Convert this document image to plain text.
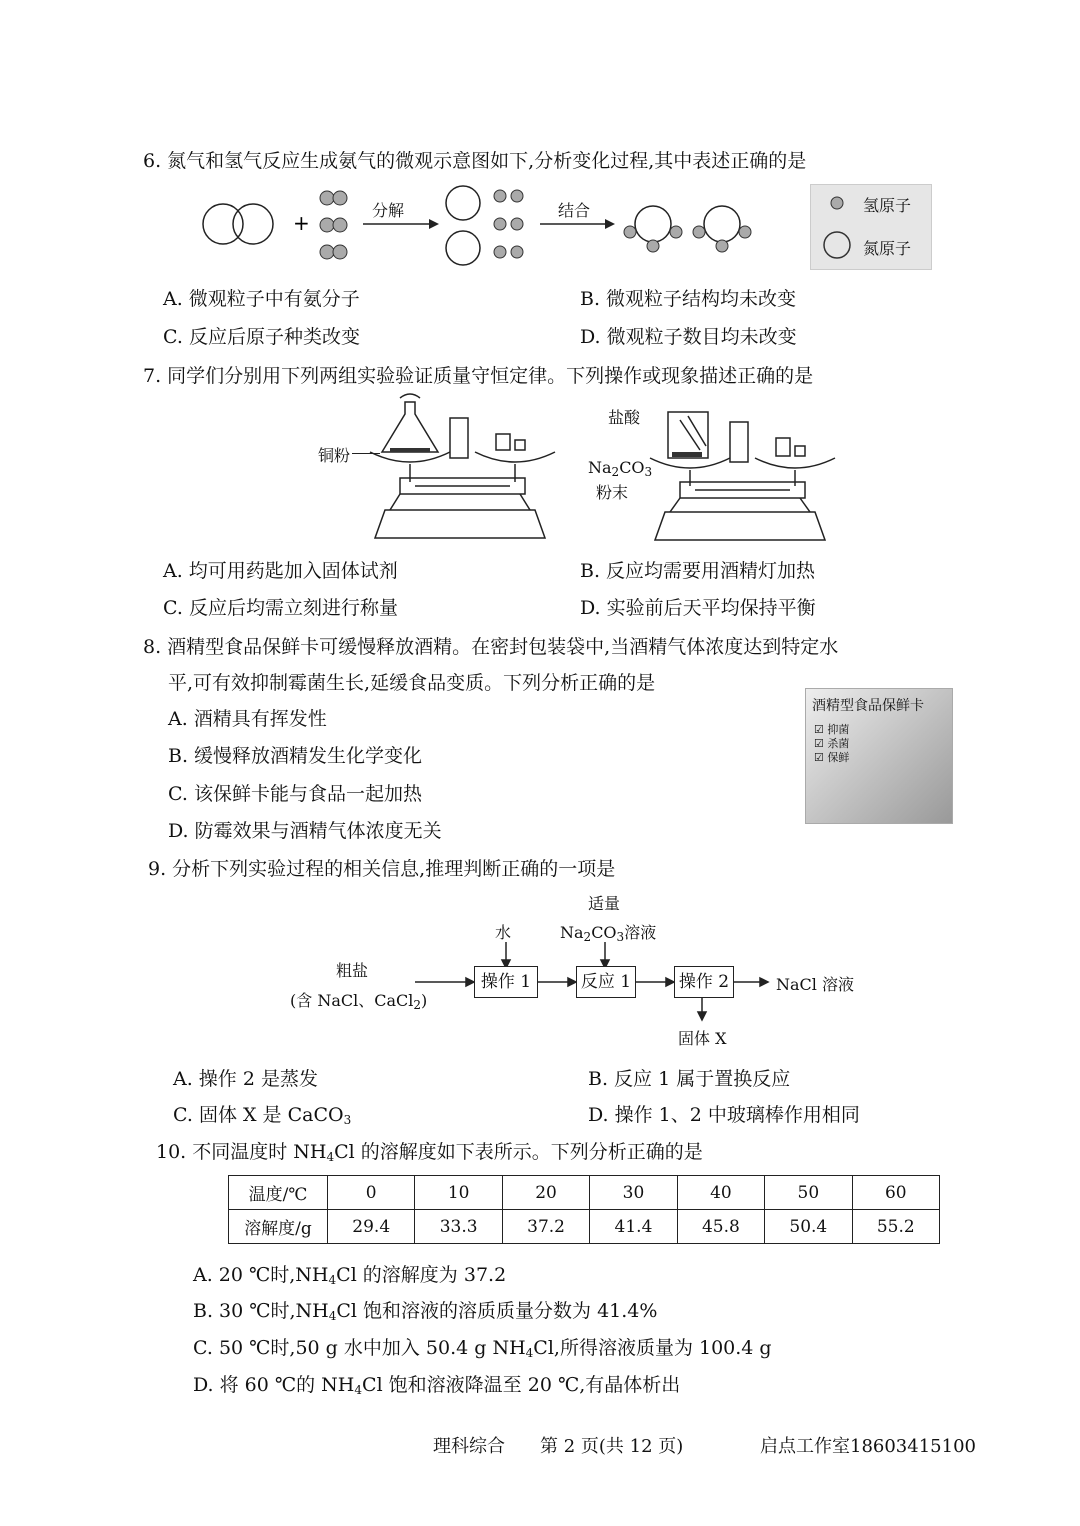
6. 氮气和氢气反应生成氨气的微观示意图如下,分析变化过程,其中表述正确的是
+
分解	结合	氢原子
氮原子
A. 微观粒子中有氨分子	B. 微观粒子结构均未改变
C. 反应后原子种类改变	D. 微观粒子数目均未改变
7. 同学们分别用下列两组实验验证质量守恒定律。下列操作或现象描述正确的是
铜粉
盐酸
$Na_2CO_3$
粉末
A. 均可用药匙加入固体试剂	B. 反应均需要用酒精灯加热
C. 反应后均需立刻进行称量	D. 实验前后天平均保持平衡
8. 酒精型食品保鲜卡可缓慢释放酒精。在密封包装袋中,当酒精气体浓度达到特定水
平,可有效抑制霉菌生长,延缓食品变质。下列分析正确的是
酒精型食品保鲜卡
☑ 抑菌
☑ 杀菌
☑ 保鲜
A. 酒精具有挥发性
B. 缓慢释放酒精发生化学变化
C. 该保鲜卡能与食品一起加热
D. 防霉效果与酒精气体浓度无关
9. 分析下列实验过程的相关信息,推理判断正确的一项是
适量
$Na_2CO_3$溶液
水
粗盐
(含 NaCl、CaCl$_2$)
操作 1	反应 1	操作 2	NaCl 溶液
固体 X
A. 操作 2 是蒸发	B. 反应 1 属于置换反应
C. 固体 X 是 CaCO$_3$	D. 操作 1、2 中玻璃棒作用相同
10. 不同温度时 $NH_4Cl$ 的溶解度如下表所示。下列分析正确的是
温度/℃	0	10	20	30	40	50	60
溶解度/g	29.4	33.3	37.2	41.4	45.8	50.4	55.2
A. 20 ℃时$,NH_4Cl$ 的溶解度为 37.2
B. 30 ℃时$,NH_4Cl$ 饱和溶液的溶质质量分数为 41.4%
C. 50 ℃时,50 g 水中加入 50.4 g $NH_4Cl$,所得溶液质量为 100.4 g
D. 将 60 ℃的 $NH_4Cl$ 饱和溶液降温至 20 ℃,有晶体析出
理科综合 第 2 页(共 12 页)	启点工作室18603415100
